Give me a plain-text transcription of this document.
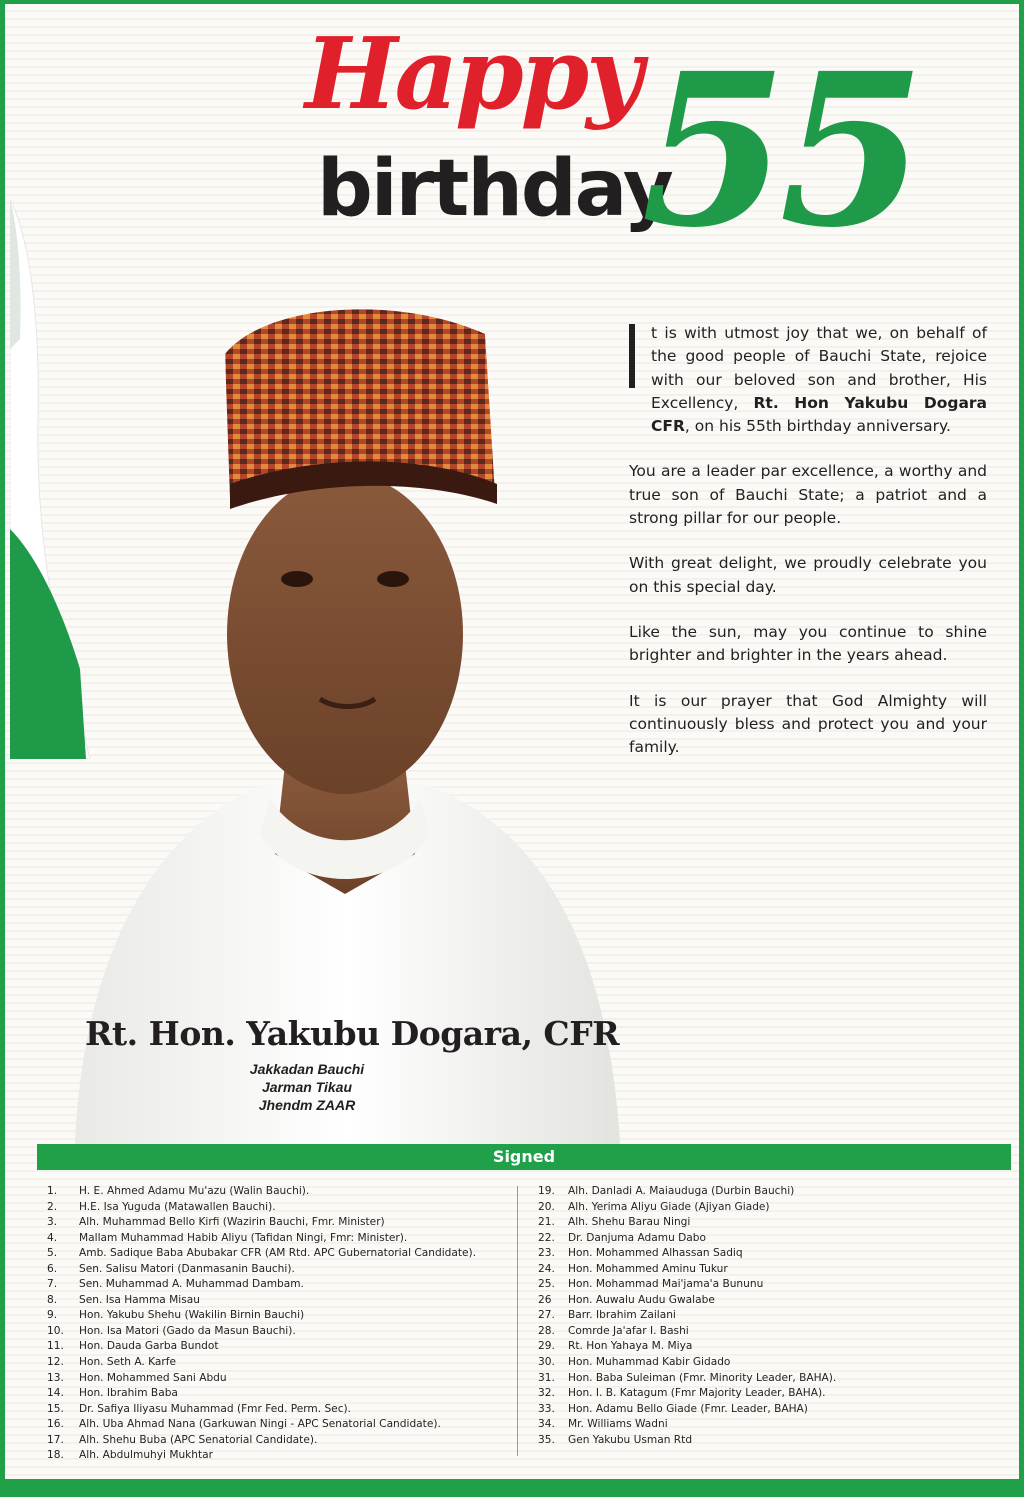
Happy
birthday
55

t is with utmost joy that we, on behalf of the good people of Bauchi State, rejoice with our beloved son and brother, His Excellency, Rt. Hon Yakubu Dogara CFR, on his 55th birthday anniversary.

You are a leader par excellence, a worthy and true son of Bauchi State; a patriot and a strong pillar for our people.

With great delight, we proudly celebrate you on this special day.

Like the sun, may you continue to shine brighter and brighter in the years ahead.

It is our prayer that God Almighty will continuously bless and protect you and your family.

Rt. Hon. Yakubu Dogara, CFR
Jakkadan Bauchi
Jarman Tikau
Jhendm ZAAR
Signed
1.	H. E. Ahmed Adamu Mu'azu (Walin Bauchi).
2.	H.E. Isa Yuguda (Matawallen Bauchi).
3.	Alh. Muhammad Bello Kirfi (Wazirin Bauchi, Fmr. Minister)
4.	Mallam Muhammad Habib Aliyu (Tafidan Ningi, Fmr: Minister).
5.	Amb. Sadique Baba Abubakar CFR (AM Rtd. APC Gubernatorial Candidate).
6.	Sen. Salisu Matori (Danmasanin Bauchi).
7.	Sen. Muhammad A. Muhammad Dambam.
8.	Sen. Isa Hamma Misau
9.	Hon. Yakubu Shehu (Wakilin Birnin Bauchi)
10.	Hon. Isa Matori (Gado da Masun Bauchi).
11.	Hon. Dauda Garba Bundot
12.	Hon. Seth A. Karfe
13.	Hon. Mohammed Sani Abdu
14.	Hon. Ibrahim Baba
15.	Dr. Safiya Iliyasu Muhammad (Fmr Fed. Perm. Sec).
16.	Alh. Uba Ahmad Nana (Garkuwan Ningi - APC Senatorial Candidate).
17.	Alh. Shehu Buba (APC Senatorial Candidate).
18.	Alh. Abdulmuhyi Mukhtar
19.	Alh. Danladi A. Maiauduga (Durbin Bauchi)
20.	Alh. Yerima Aliyu Giade (Ajiyan Giade)
21.	Alh. Shehu Barau Ningi
22.	Dr. Danjuma Adamu Dabo
23.	Hon. Mohammed Alhassan Sadiq
24.	Hon. Mohammed Aminu Tukur
25.	Hon. Mohammad Mai'jama'a Bununu
26	Hon. Auwalu Audu Gwalabe
27.	Barr. Ibrahim Zailani
28.	Comrde Ja'afar I. Bashi
29.	Rt. Hon Yahaya M. Miya
30.	Hon. Muhammad Kabir Gidado
31.	Hon. Baba Suleiman (Fmr. Minority Leader, BAHA).
32.	Hon. I. B. Katagum (Fmr Majority Leader, BAHA).
33.	Hon. Adamu Bello Giade (Fmr. Leader, BAHA)
34.	Mr. Williams Wadni
35.	Gen Yakubu Usman Rtd
